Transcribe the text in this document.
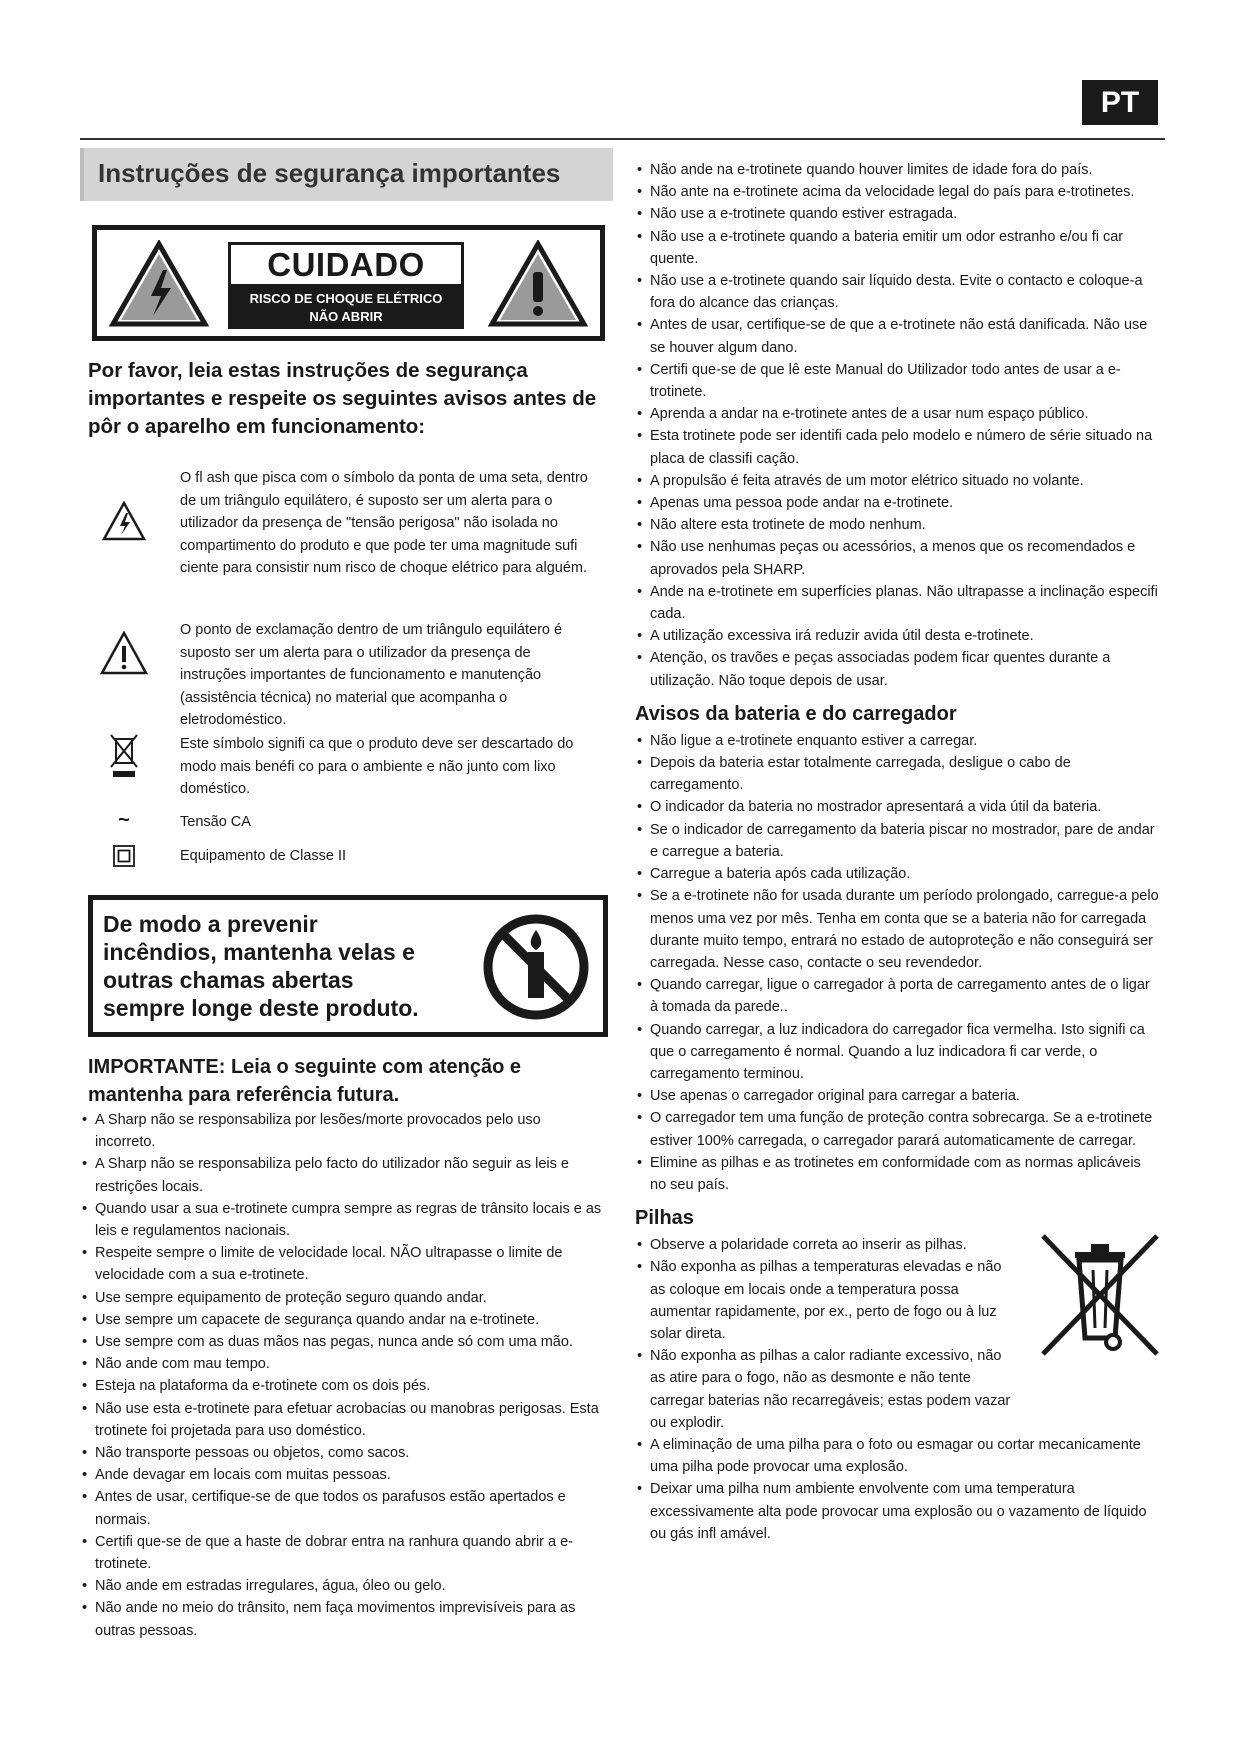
PT
Instruções de segurança importantes
CUIDADO
RISCO DE CHOQUE ELÉTRICO
NÃO ABRIR
Por favor, leia estas instruções de segurança importantes e respeite os seguintes avisos antes de pôr o aparelho em funcionamento:
O fl ash que pisca com o símbolo da ponta de uma seta, dentro de um triângulo equilátero, é suposto ser um alerta para o utilizador da presença de "tensão perigosa" não isolada no compartimento do produto e que pode ter uma magnitude sufi ciente para consistir num risco de choque elétrico para alguém.
O ponto de exclamação dentro de um triângulo equilátero é suposto ser um alerta para o utilizador da presença de instruções importantes de funcionamento e manutenção (assistência técnica) no material que acompanha o eletrodoméstico.
Este símbolo signifi ca que o produto deve ser descartado do modo mais benéfi co para o ambiente e não junto com lixo doméstico.
~	Tensão CA
Equipamento de Classe II
De modo a prevenir incêndios, mantenha velas e outras chamas abertas sempre longe deste produto.
IMPORTANTE: Leia o seguinte com atenção e mantenha para referência futura.
• A Sharp não se responsabiliza por lesões/morte provocados pelo uso incorreto.
• A Sharp não se responsabiliza pelo facto do utilizador não seguir as leis e restrições locais.
• Quando usar a sua e-trotinete cumpra sempre as regras de trânsito locais e as leis e regulamentos nacionais.
• Respeite sempre o limite de velocidade local. NÃO ultrapasse o limite de velocidade com a sua e-trotinete.
• Use sempre equipamento de proteção seguro quando andar.
• Use sempre um capacete de segurança quando andar na e-trotinete.
• Use sempre com as duas mãos nas pegas, nunca ande só com uma mão.
• Não ande com mau tempo.
• Esteja na plataforma da e-trotinete com os dois pés.
• Não use esta e-trotinete para efetuar acrobacias ou manobras perigosas. Esta trotinete foi projetada para uso doméstico.
• Não transporte pessoas ou objetos, como sacos.
• Ande devagar em locais com muitas pessoas.
• Antes de usar, certifique-se de que todos os parafusos estão apertados e normais.
• Certifi que-se de que a haste de dobrar entra na ranhura quando abrir a e-trotinete.
• Não ande em estradas irregulares, água, óleo ou gelo.
• Não ande no meio do trânsito, nem faça movimentos imprevisíveis para as outras pessoas.
• Não ande na e-trotinete quando houver limites de idade fora do país.
• Não ante na e-trotinete acima da velocidade legal do país para e-trotinetes.
• Não use a e-trotinete quando estiver estragada.
• Não use a e-trotinete quando a bateria emitir um odor estranho e/ou fi car quente.
• Não use a e-trotinete quando sair líquido desta. Evite o contacto e coloque-a fora do alcance das crianças.
• Antes de usar, certifique-se de que a e-trotinete não está danificada. Não use se houver algum dano.
• Certifi que-se de que lê este Manual do Utilizador todo antes de usar a e-trotinete.
• Aprenda a andar na e-trotinete antes de a usar num espaço público.
• Esta trotinete pode ser identifi cada pelo modelo e número de série situado na placa de classifi cação.
• A propulsão é feita através de um motor elétrico situado no volante.
• Apenas uma pessoa pode andar na e-trotinete.
• Não altere esta trotinete de modo nenhum.
• Não use nenhumas peças ou acessórios, a menos que os recomendados e aprovados pela SHARP.
• Ande na e-trotinete em superfícies planas. Não ultrapasse a inclinação especifi cada.
• A utilização excessiva irá reduzir avida útil desta e-trotinete.
• Atenção, os travões e peças associadas podem ficar quentes durante a utilização. Não toque depois de usar.
Avisos da bateria e do carregador
• Não ligue a e-trotinete enquanto estiver a carregar.
• Depois da bateria estar totalmente carregada, desligue o cabo de carregamento.
• O indicador da bateria no mostrador apresentará a vida útil da bateria.
• Se o indicador de carregamento da bateria piscar no mostrador, pare de andar e carregue a bateria.
• Carregue a bateria após cada utilização.
• Se a e-trotinete não for usada durante um período prolongado, carregue-a pelo menos uma vez por mês. Tenha em conta que se a bateria não for carregada durante muito tempo, entrará no estado de autoproteção e não conseguirá ser carregada. Nesse caso, contacte o seu revendedor.
• Quando carregar, ligue o carregador à porta de carregamento antes de o ligar à tomada da parede..
• Quando carregar, a luz indicadora do carregador fica vermelha. Isto signifi ca que o carregamento é normal. Quando a luz indicadora fi car verde, o carregamento terminou.
• Use apenas o carregador original para carregar a bateria.
• O carregador tem uma função de proteção contra sobrecarga. Se a e-trotinete estiver 100% carregada, o carregador parará automaticamente de carregar.
• Elimine as pilhas e as trotinetes em conformidade com as normas aplicáveis no seu país.
Pilhas
• Observe a polaridade correta ao inserir as pilhas.
• Não exponha as pilhas a temperaturas elevadas e não as coloque em locais onde a temperatura possa aumentar rapidamente, por ex., perto de fogo ou à luz solar direta.
• Não exponha as pilhas a calor radiante excessivo, não as atire para o fogo, não as desmonte e não tente carregar baterias não recarregáveis; estas podem vazar ou explodir.
• A eliminação de uma pilha para o foto ou esmagar ou cortar mecanicamente uma pilha pode provocar uma explosão.
• Deixar uma pilha num ambiente envolvente com uma temperatura excessivamente alta pode provocar uma explosão ou o vazamento de líquido ou gás infl amável.
